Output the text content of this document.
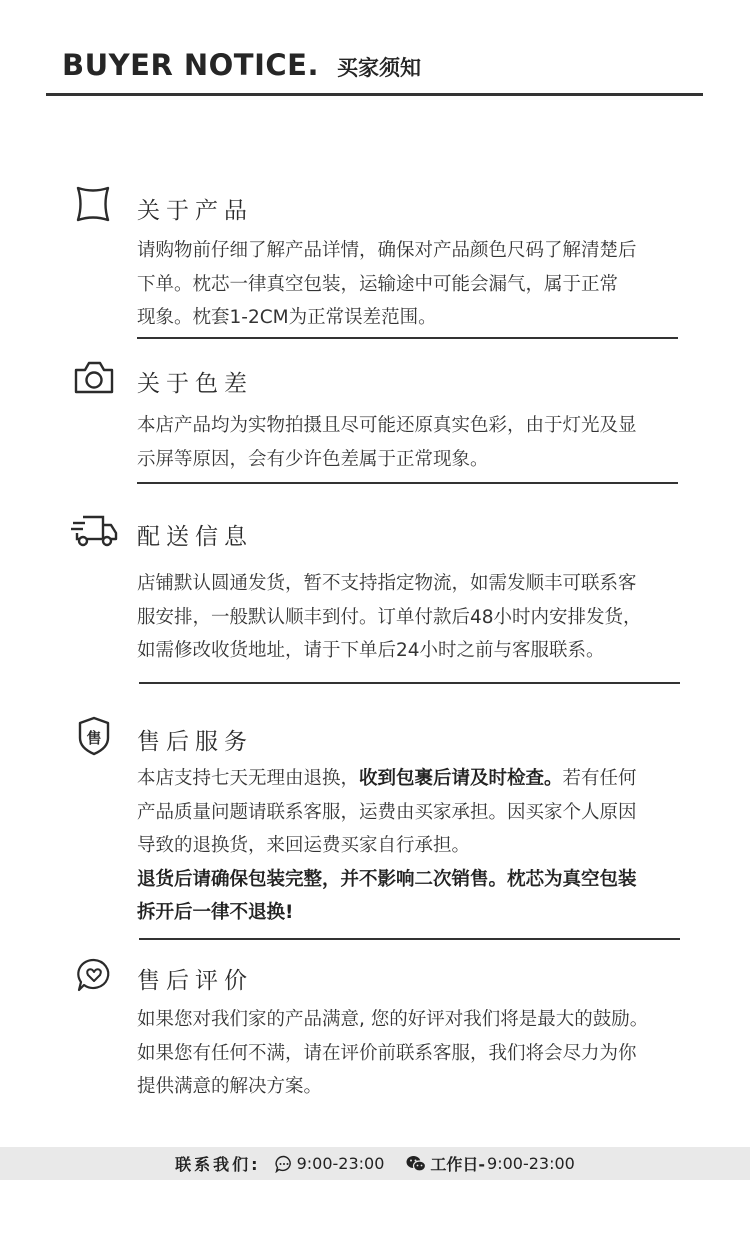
BUYER NOTICE. 买家须知
关于产品
请购物前仔细了解产品详情，确保对产品颜色尺码了解清楚后
下单。枕芯一律真空包装，运输途中可能会漏气，属于正常
现象。枕套1-2CM为正常误差范围。
关于色差
本店产品均为实物拍摄且尽可能还原真实色彩，由于灯光及显
示屏等原因，会有少许色差属于正常现象。
配送信息
店铺默认圆通发货，暂不支持指定物流，如需发顺丰可联系客
服安排，一般默认顺丰到付。订单付款后48小时内安排发货，
如需修改收货地址，请于下单后24小时之前与客服联系。
售 售后服务
本店支持七天无理由退换，收到包裹后请及时检查。若有任何
产品质量问题请联系客服，运费由买家承担。因买家个人原因
导致的退换货，来回运费买家自行承担。
退货后请确保包装完整，并不影响二次销售。枕芯为真空包装
拆开后一律不退换!
售后评价
如果您对我们家的产品满意, 您的好评对我们将是最大的鼓励。
如果您有任何不满，请在评价前联系客服，我们将会尽力为你
提供满意的解决方案。
联系我们: 9:00-23:00	工作日- 9:00-23:00
